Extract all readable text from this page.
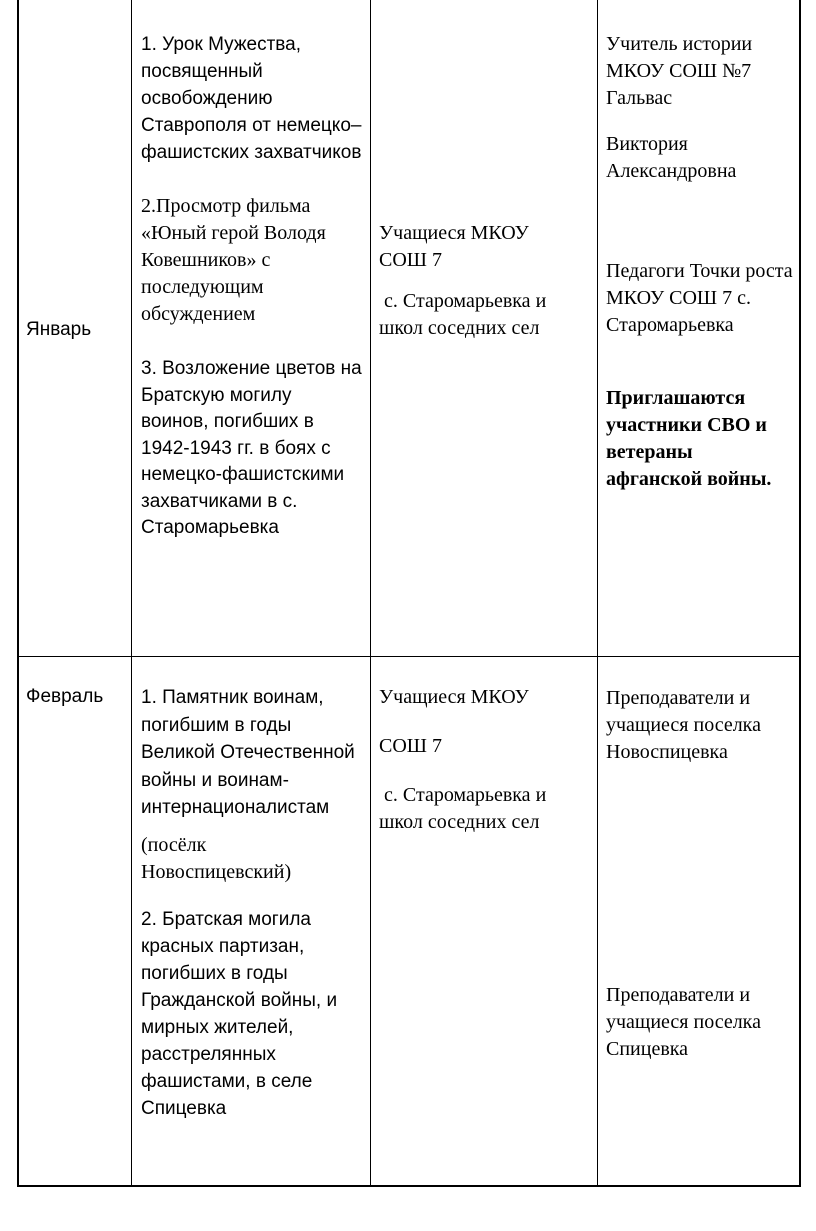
Январь

1. Урок Мужества, посвященный освобождению Ставрополя от немецко–фашистских захватчиков

2.Просмотр фильма «Юный герой Володя Ковешников» с последующим обсуждением

3. Возложение цветов на Братскую могилу воинов, погибших в 1942-1943 гг. в боях с немецко-фашистскими захватчиками в с. Старомарьевка

Учащиеся МКОУ СОШ 7

с. Старомарьевка и школ соседних сел

Учитель истории МКОУ СОШ №7 Гальвас

Виктория Александровна

Педагоги Точки роста МКОУ СОШ 7 с. Старомарьевка

Приглашаются участники СВО и ветераны афганской войны.

Февраль 1. Памятник воинам, погибшим в годы Великой Отечественной войны и воинам-интернационалистам

(посёлк Новоспицевский)

2. Братская могила красных партизан, погибших в годы Гражданской войны, и мирных жителей, расстрелянных фашистами, в селе Спицевка

Учащиеся МКОУ

СОШ 7

с. Старомарьевка и школ соседних сел

Преподаватели и учащиеся поселка Новоспицевка

Преподаватели и учащиеся поселка Спицевка
